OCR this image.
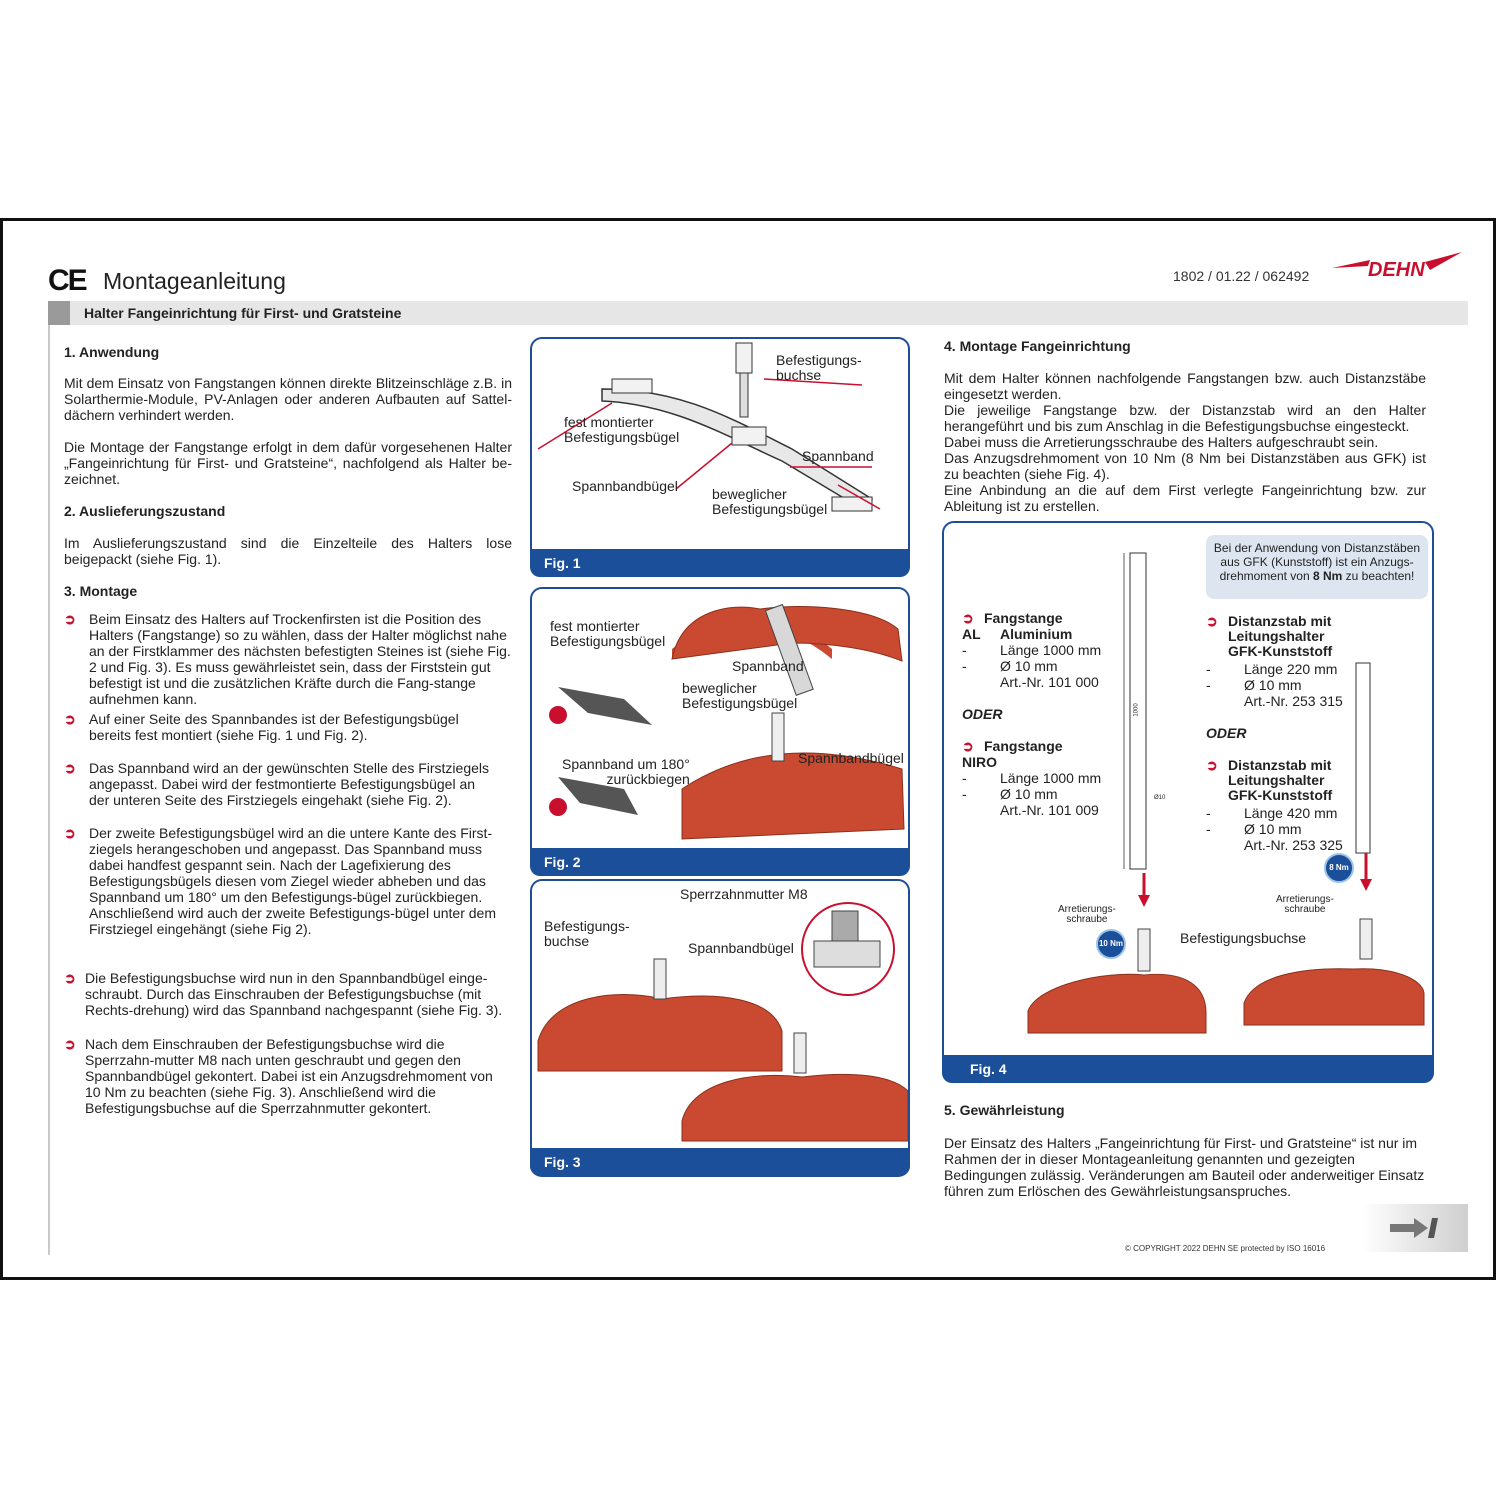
CE Montageanleitung	1802 / 01.22 / 062492	DEHN
Halter Fangeinrichtung für First- und Gratsteine
1. Anwendung
Mit dem Einsatz von Fangstangen können direkte Blitzeinschläge z.B. in Solarthermie-Module, PV-Anlagen oder anderen Aufbauten auf Sattel-dächern verhindert werden.
Die Montage der Fangstange erfolgt in dem dafür vorgesehenen Halter „Fangeinrichtung für First- und Gratsteine“, nachfolgend als Halter be-zeichnet.
2. Auslieferungszustand
Im Auslieferungszustand sind die Einzelteile des Halters lose beigepackt (siehe Fig. 1).
3. Montage
➲ Beim Einsatz des Halters auf Trockenfirsten ist die Position des Halters (Fangstange) so zu wählen, dass der Halter möglichst nahe an der Firstklammer des nächsten befestigten Steines ist (siehe Fig. 2 und Fig. 3). Es muss gewährleistet sein, dass der Firststein gut befestigt ist und die zusätzlichen Kräfte durch die Fang-stange aufnehmen kann.
➲ Auf einer Seite des Spannbandes ist der Befestigungsbügel bereits fest montiert (siehe Fig. 1 und Fig. 2).
➲ Das Spannband wird an der gewünschten Stelle des Firstziegels angepasst. Dabei wird der festmontierte Befestigungsbügel an der unteren Seite des Firstziegels eingehakt (siehe Fig. 2).
➲ Der zweite Befestigungsbügel wird an die untere Kante des First-ziegels herangeschoben und angepasst. Das Spannband muss dabei handfest gespannt sein. Nach der Lagefixierung des Befestigungsbügels diesen vom Ziegel wieder abheben und das Spannband um 180° um den Befestigungs-bügel zurückbiegen. Anschließend wird auch der zweite Befestigungs-bügel unter dem Firstziegel eingehängt (siehe Fig 2).
➲ Die Befestigungsbuchse wird nun in den Spannbandbügel einge-schraubt. Durch das Einschrauben der Befestigungsbuchse (mit Rechts-drehung) wird das Spannband nachgespannt (siehe Fig. 3).
➲ Nach dem Einschrauben der Befestigungsbuchse wird die Sperrzahn-mutter M8 nach unten geschraubt und gegen den Spannbandbügel gekontert. Dabei ist ein Anzugsdrehmoment von 10 Nm zu beachten (siehe Fig. 3). Anschließend wird die Befestigungsbuchse auf die Sperrzahnmutter gekontert.
Befestigungs-
buchse
fest montierter
Befestigungsbügel
Spannband
Spannbandbügel beweglicher
Befestigungsbügel
Fig. 1
fest montierter
Befestigungsbügel
Spannband
beweglicher
Befestigungsbügel
Spannband um 180°
zurückbiegen
Spannbandbügel
Fig. 2
Sperrzahnmutter M8
Befestigungs-
buchse	Spannbandbügel
Fig. 3
4. Montage Fangeinrichtung
Mit dem Halter können nachfolgende Fangstangen bzw. auch Distanzstäbe eingesetzt werden.
Die jeweilige Fangstange bzw. der Distanzstab wird an den Halter herangeführt und bis zum Anschlag in die Befestigungsbuchse eingesteckt.
Dabei muss die Arretierungsschraube des Halters aufgeschraubt sein.
Das Anzugsdrehmoment von 10 Nm (8 Nm bei Distanzstäben aus GFK) ist zu beachten (siehe Fig. 4).
Eine Anbindung an die auf dem First verlegte Fangeinrichtung bzw. zur Ableitung ist zu erstellen.
Bei der Anwendung von Distanzstäben aus GFK (Kunststoff) ist ein Anzugs-drehmoment von 8 Nm zu beachten!
➲ Fangstange
AL Aluminium
- Länge 1000 mm
- Ø 10 mm
Art.-Nr. 101 000
ODER
➲ Fangstange
NIRO
- Länge 1000 mm
- Ø 10 mm
Art.-Nr. 101 009
➲ Distanzstab mit
Leitungshalter
GFK-Kunststoff
- Länge 220 mm
- Ø 10 mm
Art.-Nr. 253 315
ODER
➲ Distanzstab mit
Leitungshalter
GFK-Kunststoff
- Länge 420 mm
- Ø 10 mm
Art.-Nr. 253 325
1000
Ø10
Arretierungs-
schraube
Arretierungs-
schraube
10 Nm
8 Nm
Befestigungsbuchse
Fig. 4
5. Gewährleistung
Der Einsatz des Halters „Fangeinrichtung für First- und Gratsteine“ ist nur im Rahmen der in dieser Montageanleitung genannten und gezeigten Bedingungen zulässig. Veränderungen am Bauteil oder anderweitiger Einsatz führen zum Erlöschen des Gewährleistungsanspruches.
© COPYRIGHT 2022 DEHN SE protected by ISO 16016
